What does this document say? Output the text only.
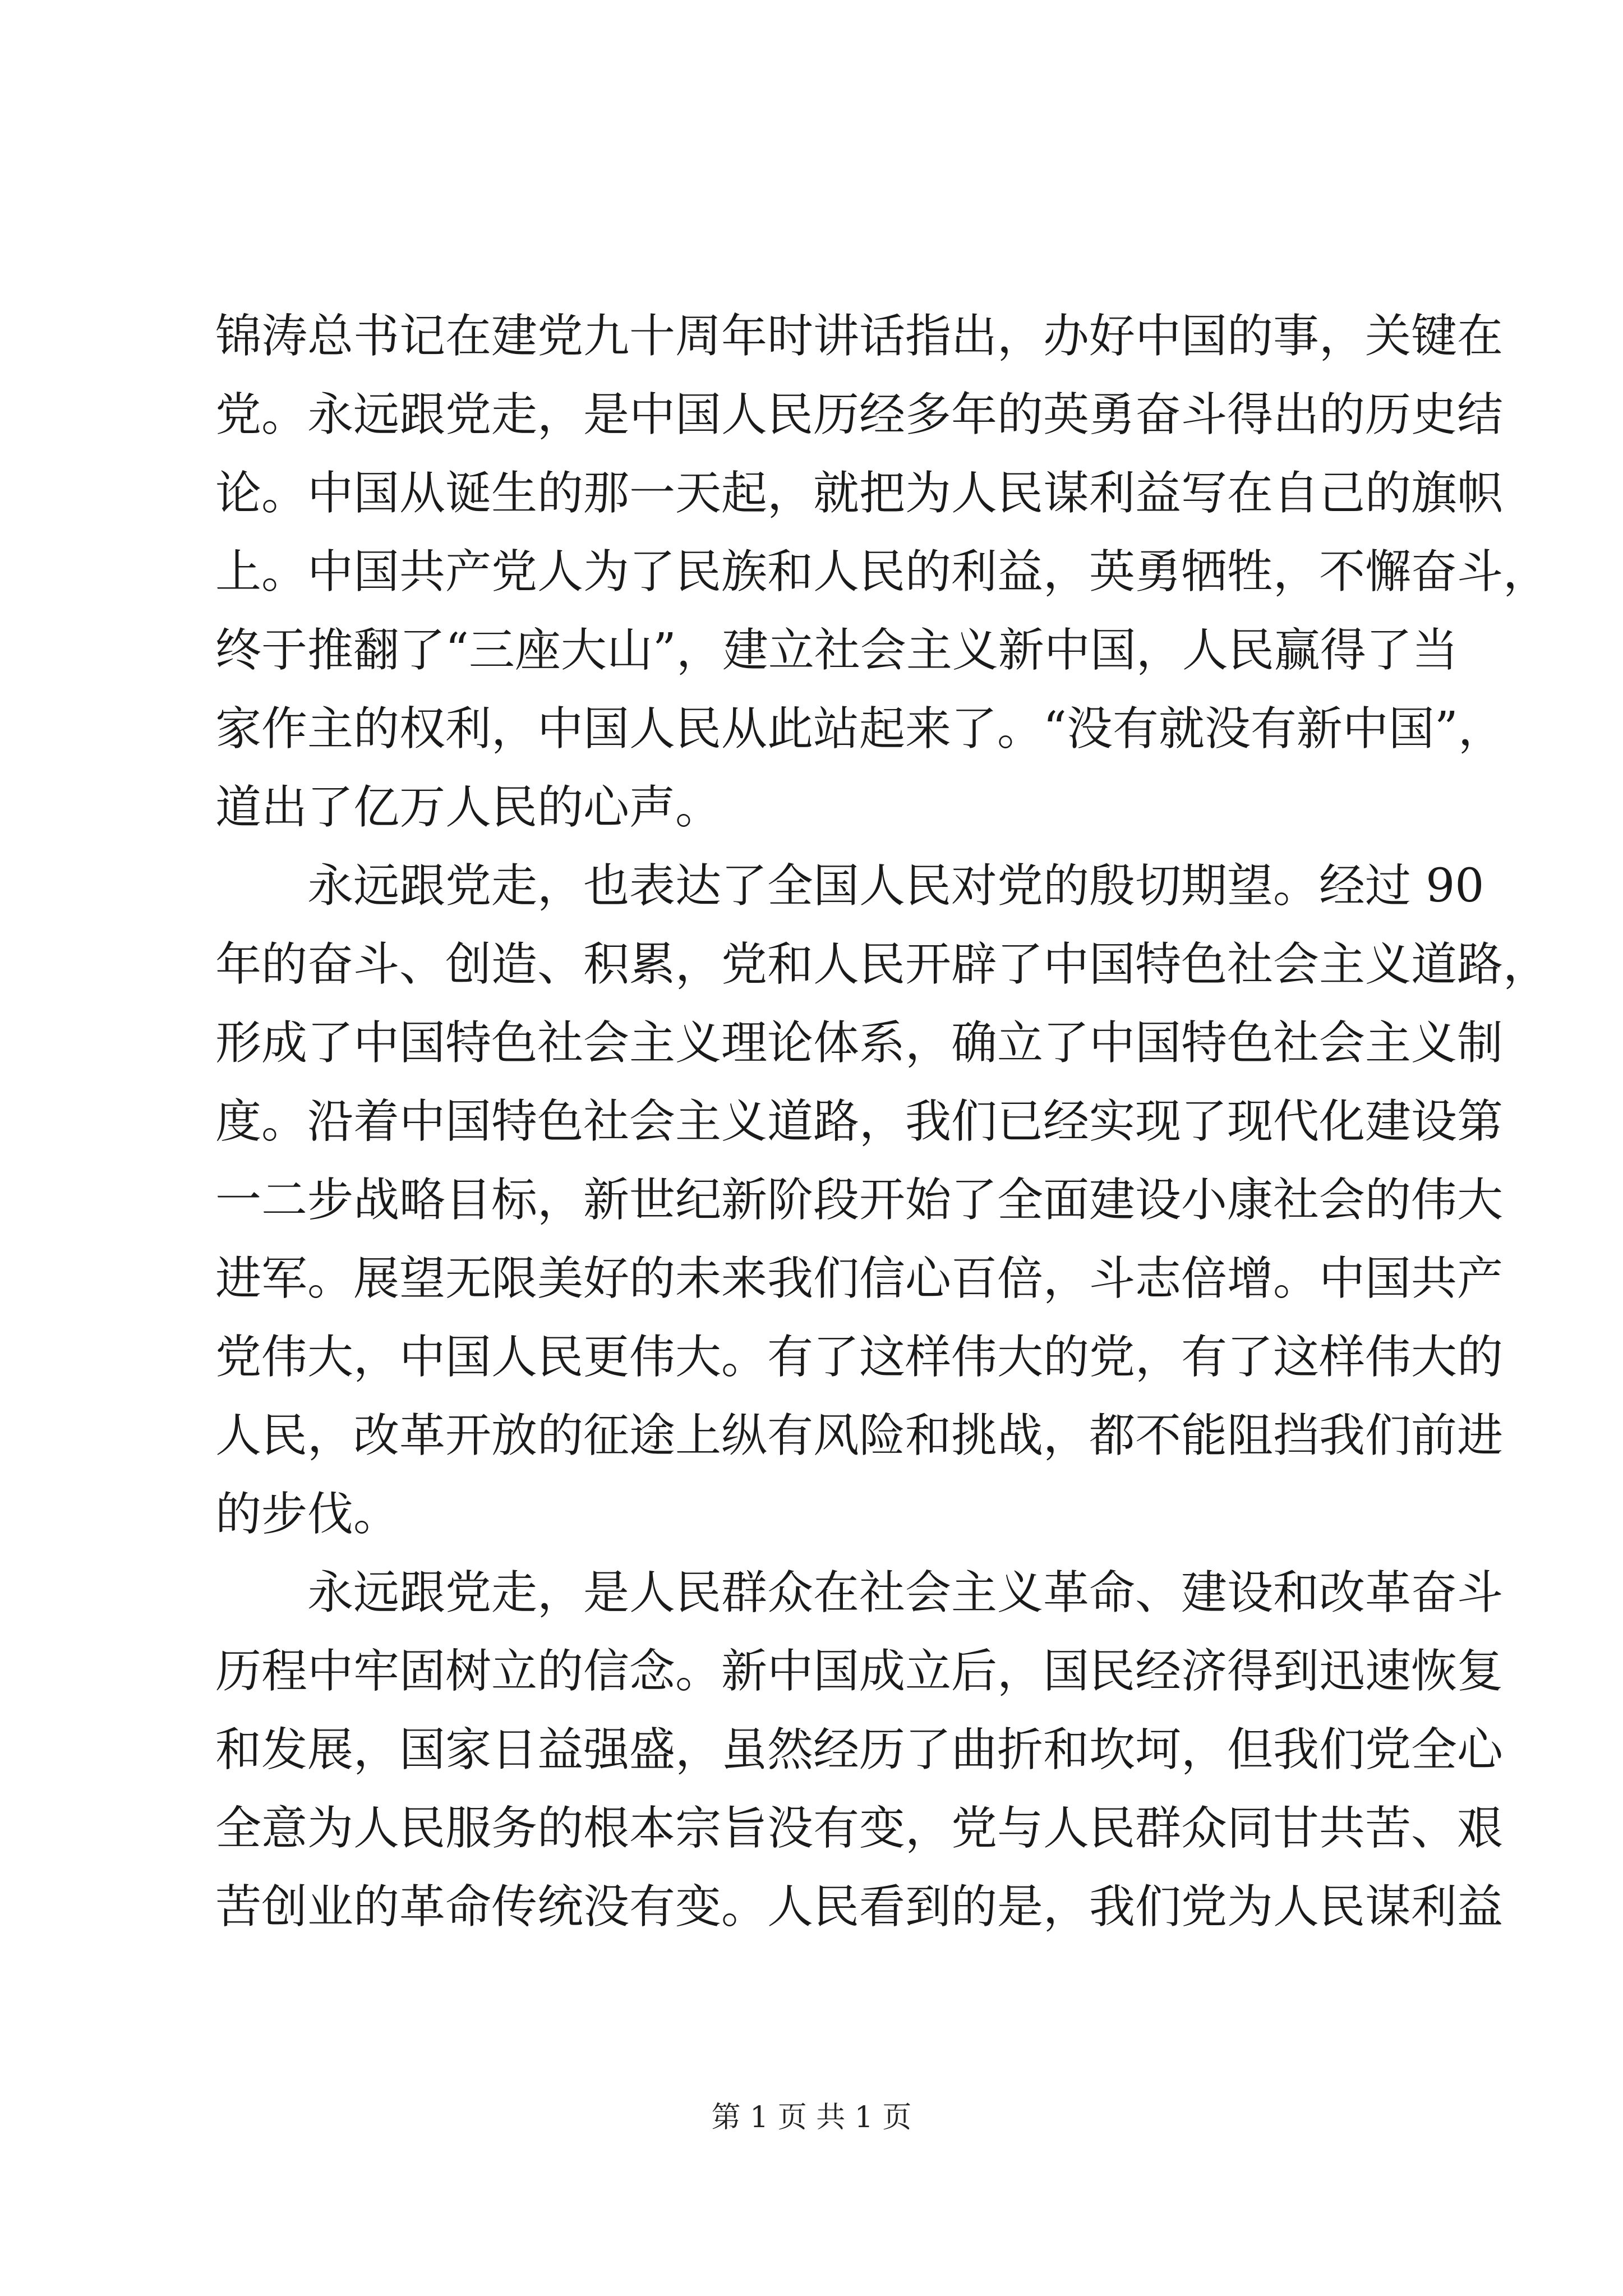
锦涛总书记在建党九十周年时讲话指出，办好中国的事，关键在
党。永远跟党走，是中国人民历经多年的英勇奋斗得出的历史结
论。中国从诞生的那一天起，就把为人民谋利益写在自己的旗帜
上。中国共产党人为了民族和人民的利益，英勇牺牲，不懈奋斗，
终于推翻了“三座大山”，建立社会主义新中国，人民赢得了当
家作主的权利，中国人民从此站起来了。“没有就没有新中国”，
道出了亿万人民的心声。
永远跟党走，也表达了全国人民对党的殷切期望。经过 90
年的奋斗、创造、积累，党和人民开辟了中国特色社会主义道路，
形成了中国特色社会主义理论体系，确立了中国特色社会主义制
度。沿着中国特色社会主义道路，我们已经实现了现代化建设第
一二步战略目标，新世纪新阶段开始了全面建设小康社会的伟大
进军。展望无限美好的未来我们信心百倍，斗志倍增。中国共产
党伟大，中国人民更伟大。有了这样伟大的党，有了这样伟大的
人民，改革开放的征途上纵有风险和挑战，都不能阻挡我们前进
的步伐。
永远跟党走，是人民群众在社会主义革命、建设和改革奋斗
历程中牢固树立的信念。新中国成立后，国民经济得到迅速恢复
和发展，国家日益强盛，虽然经历了曲折和坎坷，但我们党全心
全意为人民服务的根本宗旨没有变，党与人民群众同甘共苦、艰
苦创业的革命传统没有变。人民看到的是，我们党为人民谋利益
第 1 页 共 1 页
